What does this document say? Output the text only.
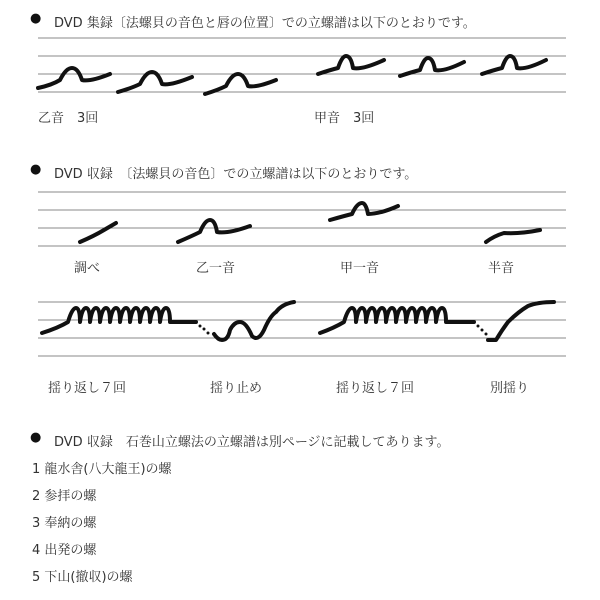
● DVD 集録〔法螺貝の音色と唇の位置〕での立螺譜は以下のとおりです。
乙音　3回	甲音　3回
● DVD 収録　〔法螺貝の音色〕での立螺譜は以下のとおりです。
調べ	乙一音	甲一音	半音
揺り返し７回	揺り止め	揺り返し７回	別揺り
● DVD 収録　石巻山立螺法の立螺譜は別ページに記載してあります。
1 龍水舎(八大龍王)の螺
2 参拝の螺
3 奉納の螺
4 出発の螺
5 下山(撤収)の螺
